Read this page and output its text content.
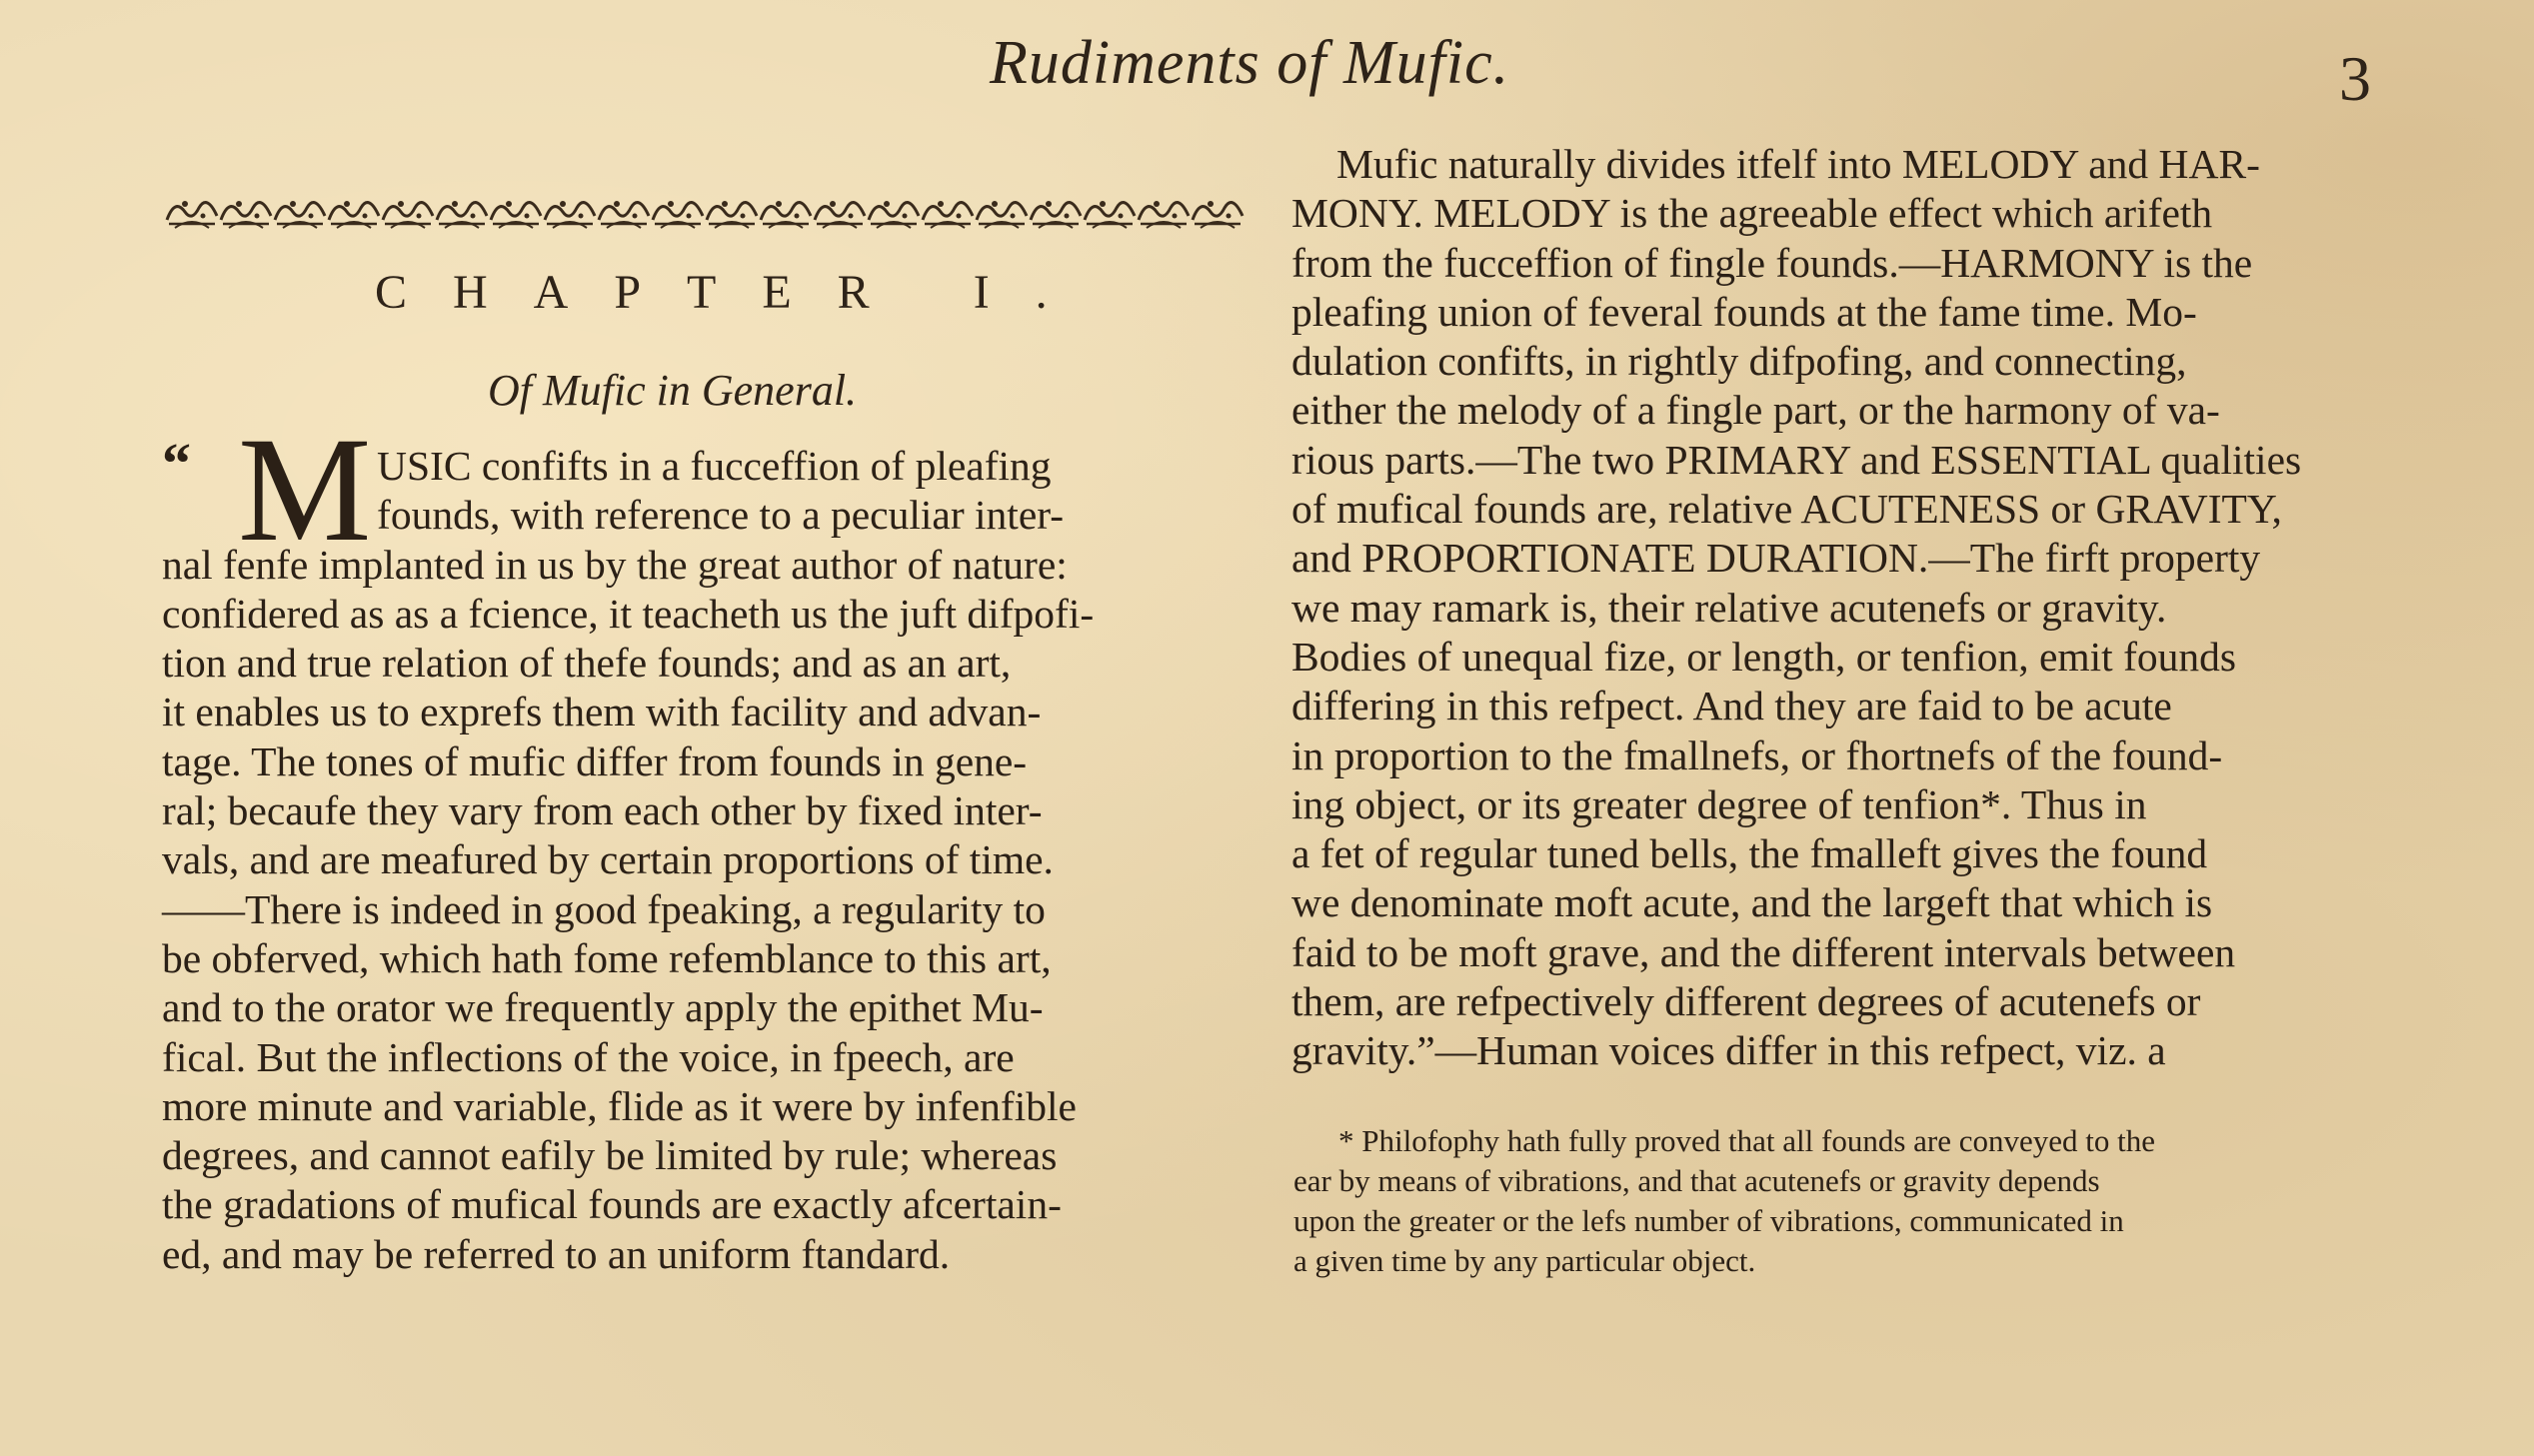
Rudiments of Mufic.	3
CHAPTER I.
Of Mufic in General.
“ M USIC confifts in a fucceffion of pleafing
founds, with reference to a peculiar inter-
nal fenfe implanted in us by the great author of nature:
confidered as as a fcience, it teacheth us the juft difpofi-
tion and true relation of thefe founds; and as an art,
it enables us to exprefs them with facility and advan-
tage. The tones of mufic differ from founds in gene-
ral; becaufe they vary from each other by fixed inter-
vals, and are meafured by certain proportions of time.
——There is indeed in good fpeaking, a regularity to
be obferved, which hath fome refemblance to this art,
and to the orator we frequently apply the epithet Mu-
fical. But the inflections of the voice, in fpeech, are
more minute and variable, flide as it were by infenfible
degrees, and cannot eafily be limited by rule; whereas
the gradations of mufical founds are exactly afcertain-
ed, and may be referred to an uniform ftandard.
Mufic naturally divides itfelf into MELODY and HAR-
MONY. MELODY is the agreeable effect which arifeth
from the fucceffion of fingle founds.—HARMONY is the
pleafing union of feveral founds at the fame time. Mo-
dulation confifts, in rightly difpofing, and connecting,
either the melody of a fingle part, or the harmony of va-
rious parts.—The two PRIMARY and ESSENTIAL qualities
of mufical founds are, relative ACUTENESS or GRAVITY,
and PROPORTIONATE DURATION.—The firft property
we may ramark is, their relative acutenefs or gravity.
Bodies of unequal fize, or length, or tenfion, emit founds
differing in this refpect. And they are faid to be acute
in proportion to the fmallnefs, or fhortnefs of the found-
ing object, or its greater degree of tenfion*. Thus in
a fet of regular tuned bells, the fmalleft gives the found
we denominate moft acute, and the largeft that which is
faid to be moft grave, and the different intervals between
them, are refpectively different degrees of acutenefs or
gravity.”—Human voices differ in this refpect, viz. a
* Philofophy hath fully proved that all founds are conveyed to the
ear by means of vibrations, and that acutenefs or gravity depends
upon the greater or the lefs number of vibrations, communicated in
a given time by any particular object.
